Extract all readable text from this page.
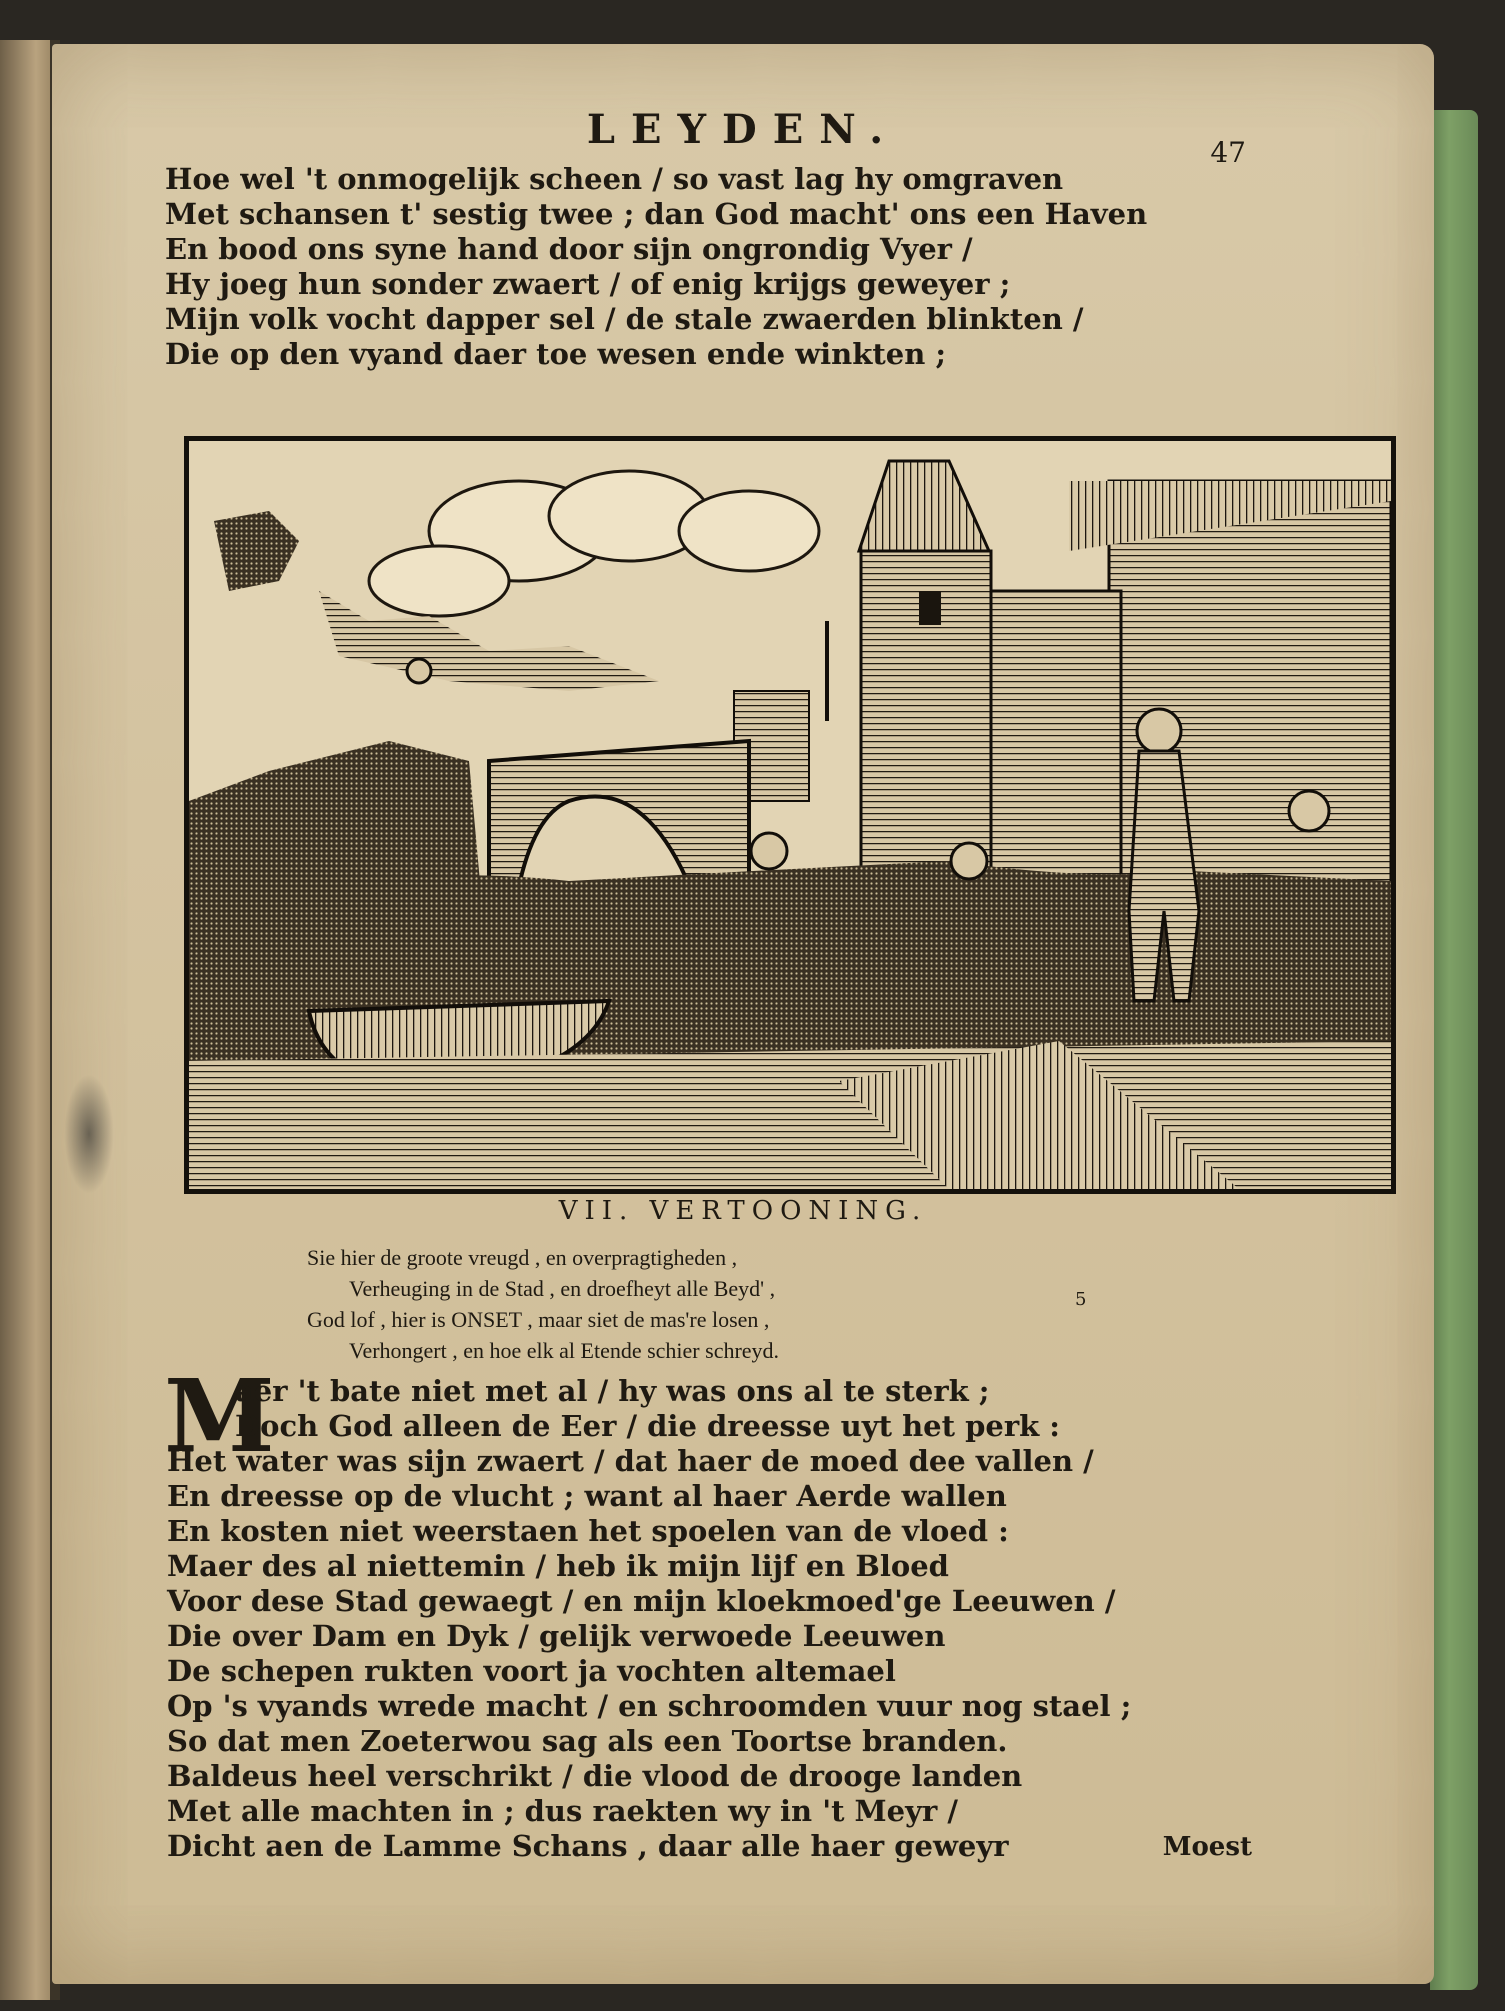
LEYDEN.	47
Hoe wel 't onmogelijk scheen / so vast lag hy omgraven
Met schansen t' sestig twee ; dan God macht' ons een Haven
En bood ons syne hand door sijn ongrondig Vyer /
Hy joeg hun sonder zwaert / of enig krijgs geweyer ;
Mijn volk vocht dapper sel / de stale zwaerden blinkten /
Die op den vyand daer toe wesen ende winkten ;
VII. VERTOONING.
Sie hier de groote vreugd , en overpragtigheden ,
Verheuging in de Stad , en droefheyt alle Beyd' ,
God lof , hier is ONSET , maar siet de mas're losen ,
Verhongert , en hoe elk al Etende schier schreyd.
5
M
aer 't bate niet met al / hy was ons al te sterk ;
Doch God alleen de Eer / die dreesse uyt het perk :
Het water was sijn zwaert / dat haer de moed dee vallen /
En dreesse op de vlucht ; want al haer Aerde wallen
En kosten niet weerstaen het spoelen van de vloed :
Maer des al niettemin / heb ik mijn lijf en Bloed
Voor dese Stad gewaegt / en mijn kloekmoed'ge Leeuwen /
Die over Dam en Dyk / gelijk verwoede Leeuwen
De schepen rukten voort ja vochten altemael
Op 's vyands wrede macht / en schroomden vuur nog stael ;
So dat men Zoeterwou sag als een Toortse branden.
Baldeus heel verschrikt / die vlood de drooge landen
Met alle machten in ; dus raekten wy in 't Meyr /
Dicht aen de Lamme Schans , daar alle haer geweyr	Moest
